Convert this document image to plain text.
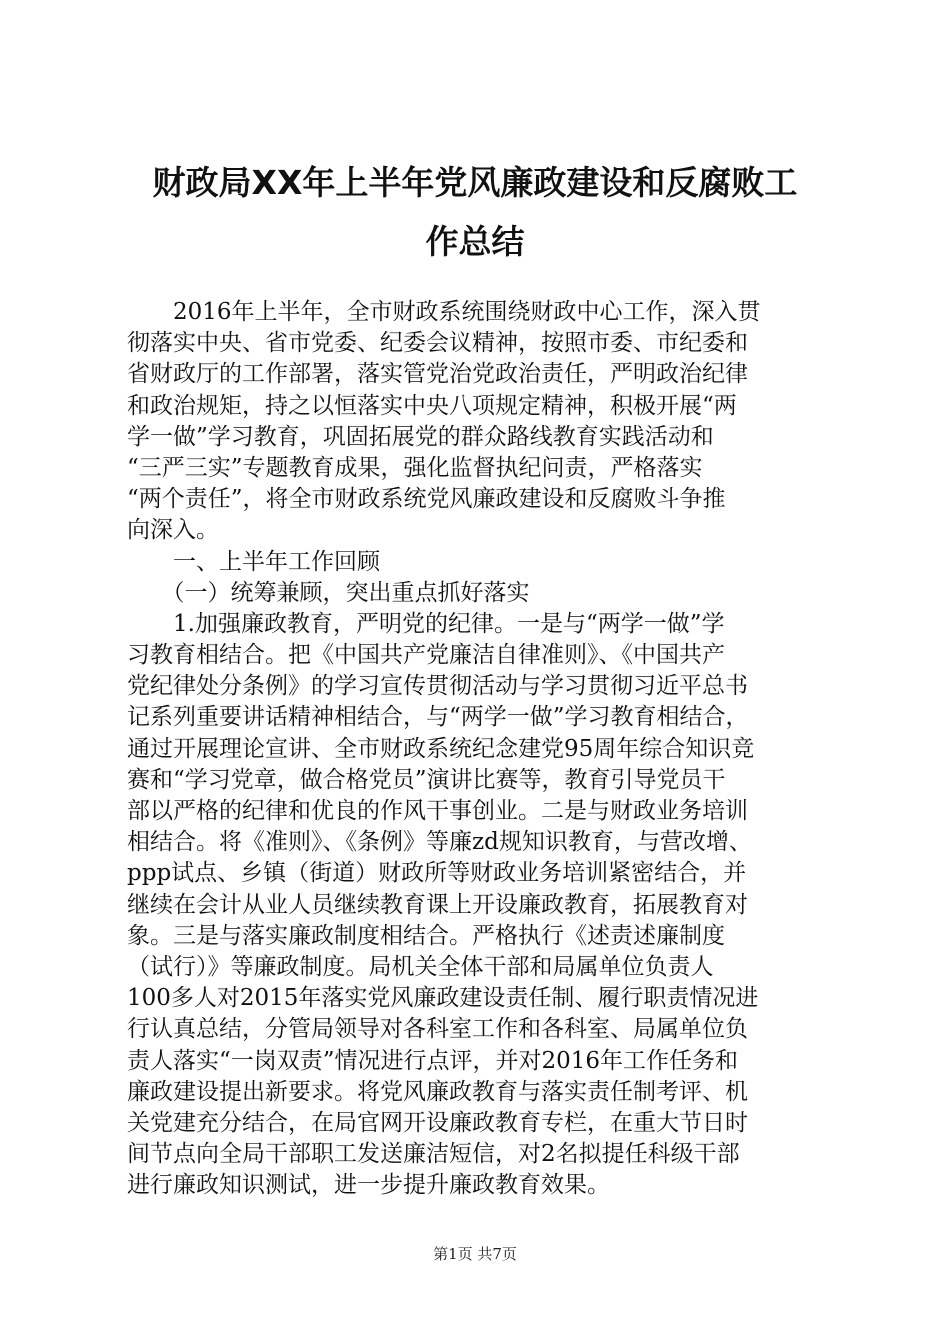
财政局XX年上半年党风廉政建设和反腐败工
作总结
　　2016年上半年，全市财政系统围绕财政中心工作，深入贯
彻落实中央、省市党委、纪委会议精神，按照市委、市纪委和
省财政厅的工作部署，落实管党治党政治责任，严明政治纪律
和政治规矩，持之以恒落实中央八项规定精神，积极开展“两
学一做”学习教育，巩固拓展党的群众路线教育实践活动和
“三严三实”专题教育成果，强化监督执纪问责，严格落实
“两个责任”，将全市财政系统党风廉政建设和反腐败斗争推
向深入。
　　一、上半年工作回顾
　　（一）统筹兼顾，突出重点抓好落实
　　1.加强廉政教育，严明党的纪律。一是与“两学一做”学
习教育相结合。把《中国共产党廉洁自律准则》、《中国共产
党纪律处分条例》的学习宣传贯彻活动与学习贯彻习近平总书
记系列重要讲话精神相结合，与“两学一做”学习教育相结合，
通过开展理论宣讲、全市财政系统纪念建党95周年综合知识竞
赛和“学习党章，做合格党员”演讲比赛等，教育引导党员干
部以严格的纪律和优良的作风干事创业。二是与财政业务培训
相结合。将《准则》、《条例》等廉zd规知识教育，与营改增、
ppp试点、乡镇（街道）财政所等财政业务培训紧密结合，并
继续在会计从业人员继续教育课上开设廉政教育，拓展教育对
象。三是与落实廉政制度相结合。严格执行《述责述廉制度
（试行）》等廉政制度。局机关全体干部和局属单位负责人
100多人对2015年落实党风廉政建设责任制、履行职责情况进
行认真总结，分管局领导对各科室工作和各科室、局属单位负
责人落实“一岗双责”情况进行点评，并对2016年工作任务和
廉政建设提出新要求。将党风廉政教育与落实责任制考评、机
关党建充分结合，在局官网开设廉政教育专栏，在重大节日时
间节点向全局干部职工发送廉洁短信，对2名拟提任科级干部
进行廉政知识测试，进一步提升廉政教育效果。
第1页 共7页
